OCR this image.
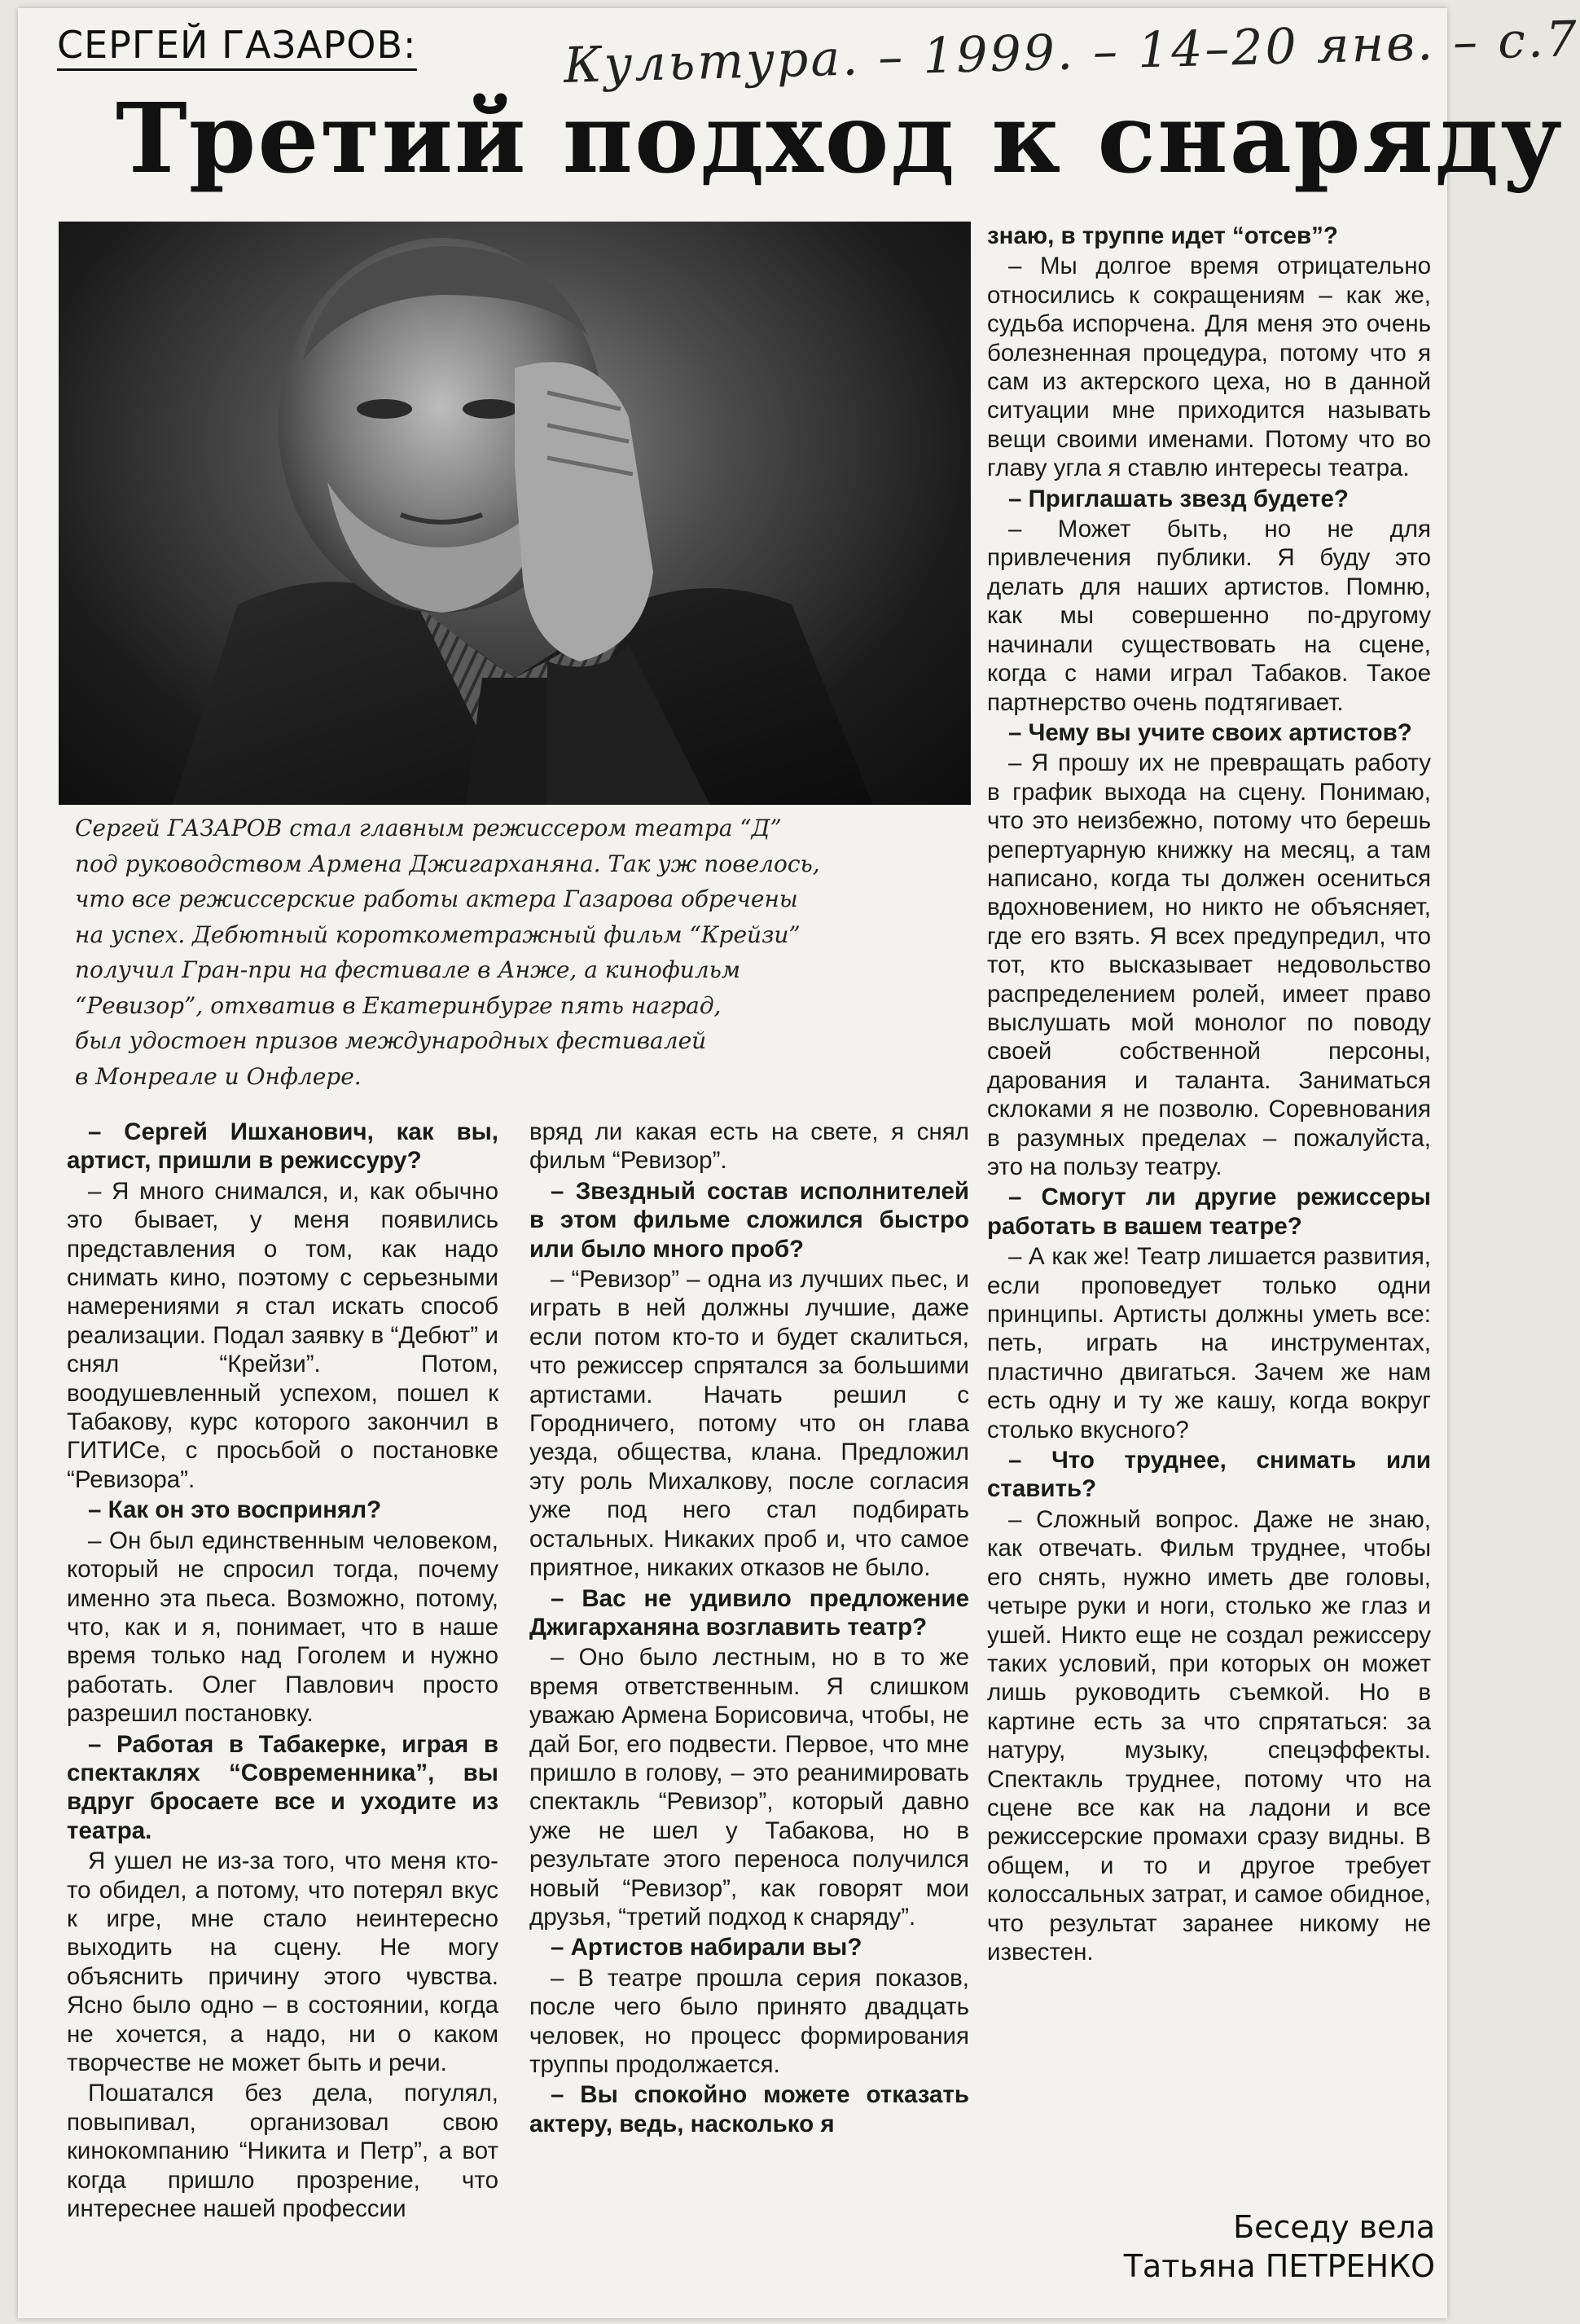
СЕРГЕЙ ГАЗАРОВ:	Культура. – 1999. – 14–20 янв. – с.7
Третий подход к снаряду

Сергей ГАЗАРОВ стал главным режиссером театра “Д”

под руководством Армена Джигарханяна. Так уж повелось,

что все режиссерские работы актера Газарова обречены

на успех. Дебютный короткометражный фильм “Крейзи”

получил Гран-при на фестивале в Анже, а кинофильм

“Ревизор”, отхватив в Екатеринбурге пять наград,

был удостоен призов международных фестивалей

в Монреале и Онфлере.

– Сергей Ишханович, как вы, артист, пришли в режиссуру?

– Я много снимался, и, как обычно это бывает, у меня появились представления о том, как надо снимать кино, поэтому с серьезными намерениями я стал искать способ реализации. Подал заявку в “Дебют” и снял “Крейзи”. Потом, воодушевленный успехом, пошел к Табакову, курс которого закончил в ГИТИСе, с просьбой о постановке “Ревизора”.

– Как он это воспринял?

– Он был единственным человеком, который не спросил тогда, почему именно эта пьеса. Возможно, потому, что, как и я, понимает, что в наше время только над Гоголем и нужно работать. Олег Павлович просто разрешил постановку.

– Работая в Табакерке, играя в спектаклях “Современника”, вы вдруг бросаете все и уходите из театра.

Я ушел не из-за того, что меня кто-то обидел, а потому, что потерял вкус к игре, мне стало неинтересно выходить на сцену. Не могу объяснить причину этого чувства. Ясно было одно – в состоянии, когда не хочется, а надо, ни о каком творчестве не может быть и речи.

Пошатался без дела, погулял, повыпивал, организовал свою кинокомпанию “Никита и Петр”, а вот когда пришло прозрение, что интереснее нашей профессии

вряд ли какая есть на свете, я снял фильм “Ревизор”.

– Звездный состав исполнителей в этом фильме сложился быстро или было много проб?

– “Ревизор” – одна из лучших пьес, и играть в ней должны лучшие, даже если потом кто-то и будет скалиться, что режиссер спрятался за большими артистами. Начать решил с Городничего, потому что он глава уезда, общества, клана. Предложил эту роль Михалкову, после согласия уже под него стал подбирать остальных. Никаких проб и, что самое приятное, никаких отказов не было.

– Вас не удивило предложение Джигарханяна возглавить театр?

– Оно было лестным, но в то же время ответственным. Я слишком уважаю Армена Борисовича, чтобы, не дай Бог, его подвести. Первое, что мне пришло в голову, – это реанимировать спектакль “Ревизор”, который давно уже не шел у Табакова, но в результате этого переноса получился новый “Ревизор”, как говорят мои друзья, “третий подход к снаряду”.

– Артистов набирали вы?

– В театре прошла серия показов, после чего было принято двадцать человек, но процесс формирования труппы продолжается.

– Вы спокойно можете отказать актеру, ведь, насколько я

знаю, в труппе идет “отсев”?

– Мы долгое время отрицательно относились к сокращениям – как же, судьба испорчена. Для меня это очень болезненная процедура, потому что я сам из актерского цеха, но в данной ситуации мне приходится называть вещи своими именами. Потому что во главу угла я ставлю интересы театра.

– Приглашать звезд будете?

– Может быть, но не для привлечения публики. Я буду это делать для наших артистов. Помню, как мы совершенно по-другому начинали существовать на сцене, когда с нами играл Табаков. Такое партнерство очень подтягивает.

– Чему вы учите своих артистов?

– Я прошу их не превращать работу в график выхода на сцену. Понимаю, что это неизбежно, потому что берешь репертуарную книжку на месяц, а там написано, когда ты должен осениться вдохновением, но никто не объясняет, где его взять. Я всех предупредил, что тот, кто высказывает недовольство распределением ролей, имеет право выслушать мой монолог по поводу своей собственной персоны, дарования и таланта. Заниматься склоками я не позволю. Соревнования в разумных пределах – пожалуйста, это на пользу театру.

– Смогут ли другие режиссеры работать в вашем театре?

– А как же! Театр лишается развития, если проповедует только одни принципы. Артисты должны уметь все: петь, играть на инструментах, пластично двигаться. Зачем же нам есть одну и ту же кашу, когда вокруг столько вкусного?

– Что труднее, снимать или ставить?

– Сложный вопрос. Даже не знаю, как отвечать. Фильм труднее, чтобы его снять, нужно иметь две головы, четыре руки и ноги, столько же глаз и ушей. Никто еще не создал режиссеру таких условий, при которых он может лишь руководить съемкой. Но в картине есть за что спрятаться: за натуру, музыку, спецэффекты. Спектакль труднее, потому что на сцене все как на ладони и все режиссерские промахи сразу видны. В общем, и то и другое требует колоссальных затрат, и самое обидное, что результат заранее никому не известен.

Беседу вела
Татьяна ПЕТРЕНКО
